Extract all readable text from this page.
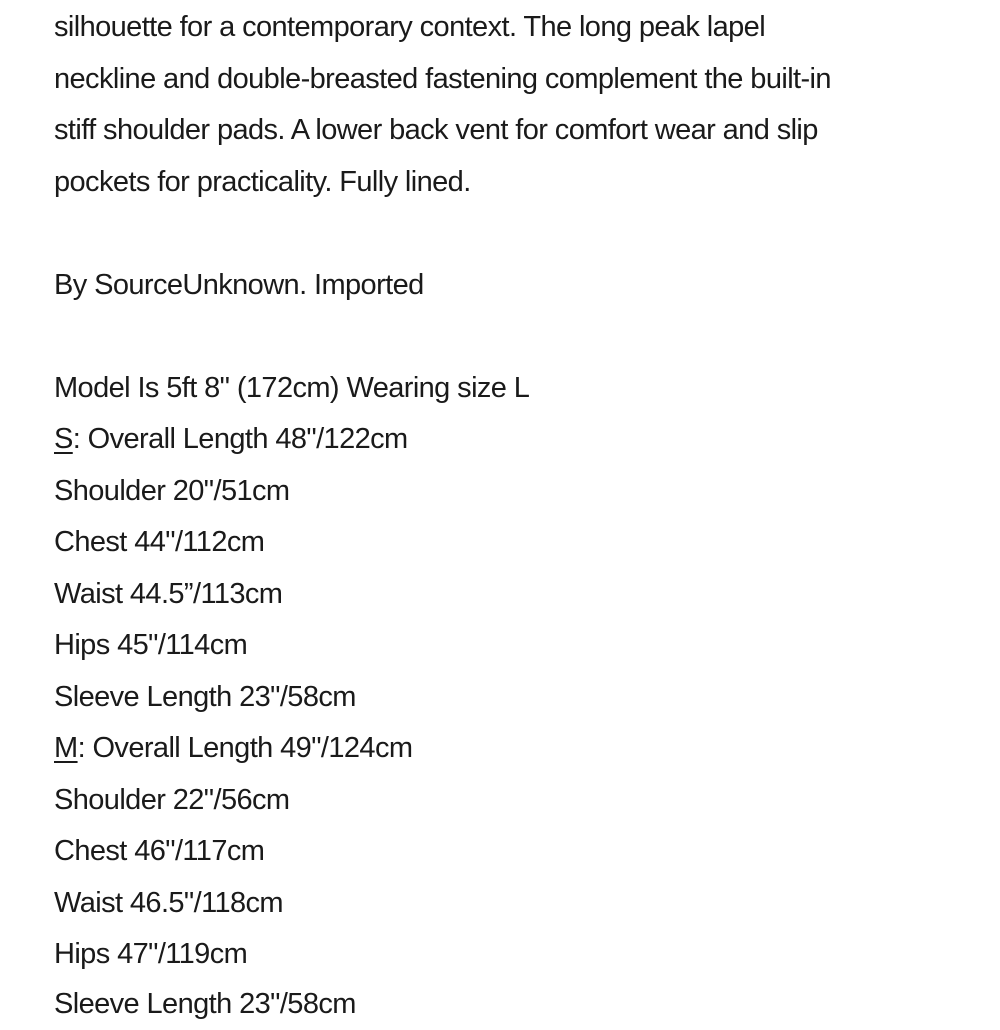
silhouette for a contemporary context. The long peak lapel
neckline and double-breasted fastening complement the built-in
stiff shoulder pads. A lower back vent for comfort wear and slip
pockets for practicality. Fully lined.
By SourceUnknown. Imported
Model Is 5ft 8" (172cm) Wearing size L
S: Overall Length 48"/122cm
Shoulder 20"/51cm
Chest 44"/112cm
Waist 44.5”/113cm
Hips 45"/114cm
Sleeve Length 23"/58cm
M: Overall Length 49"/124cm
Shoulder 22"/56cm
Chest 46"/117cm
Waist 46.5"/118cm
Hips 47"/119cm
Sleeve Length 23"/58cm
